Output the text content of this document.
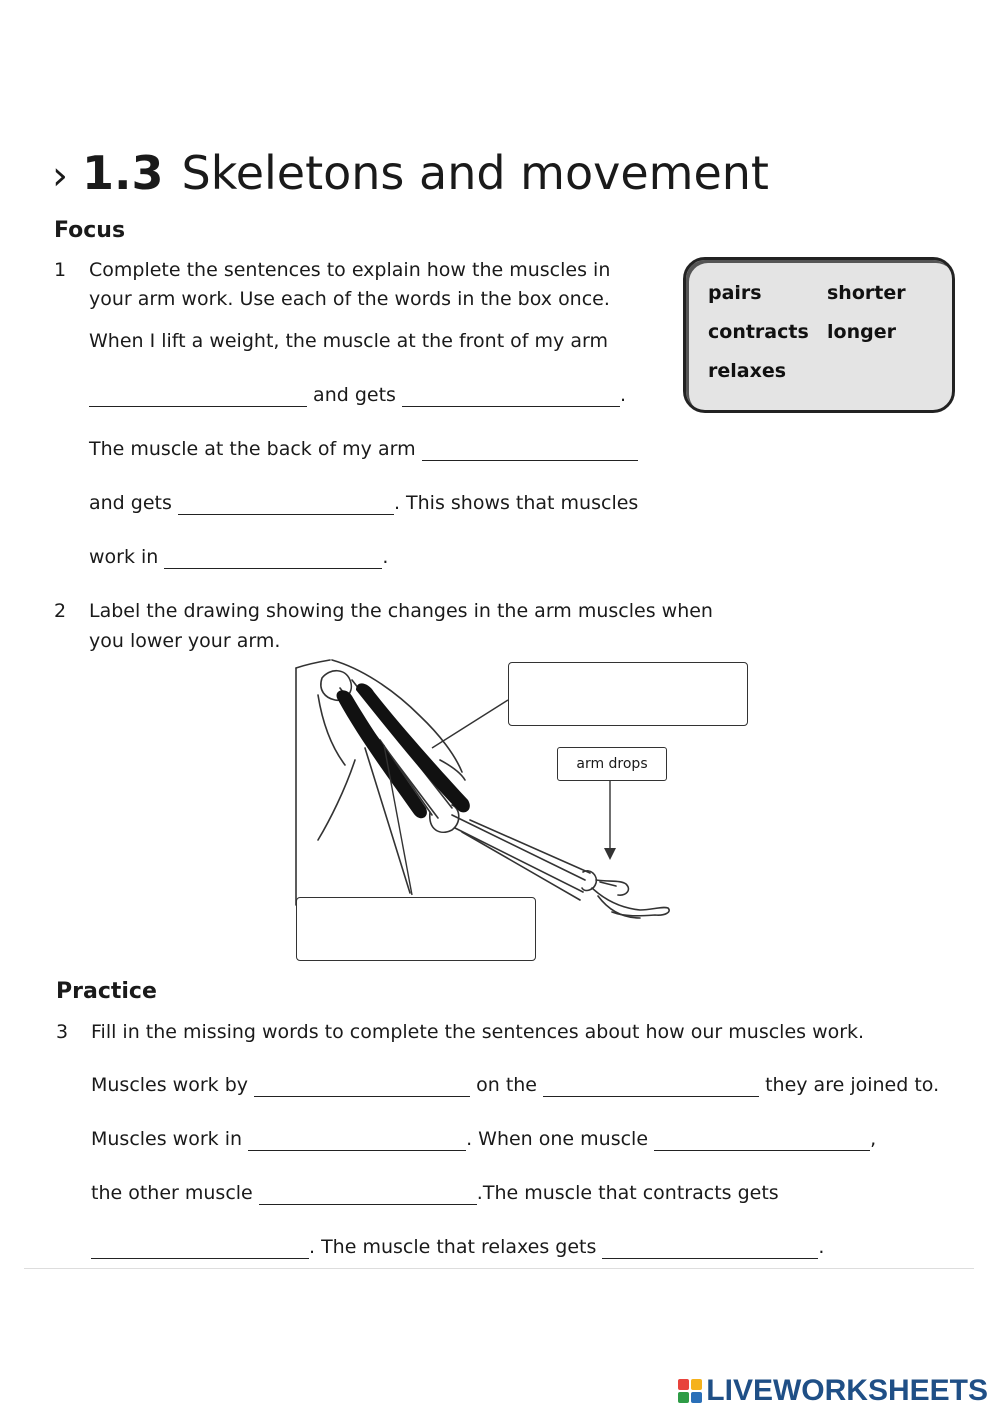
› 1.3 Skeletons and movement
Focus
1 Complete the sentences to explain how the muscles in
your arm work. Use each of the words in the box once.
When I lift a weight, the muscle at the front of my arm
and gets	.
The muscle at the back of my arm
and gets	. This shows that muscles
work in	.
pairs	shorter
contracts longer
relaxes
2 Label the drawing showing the changes in the arm muscles when
you lower your arm.
arm drops
Practice
3 Fill in the missing words to complete the sentences about how our muscles work.
Muscles work by	on the	they are joined to.
Muscles work in	. When one muscle	,
the other muscle	.The muscle that contracts gets
. The muscle that relaxes gets	.
LIVEWORKSHEETS
